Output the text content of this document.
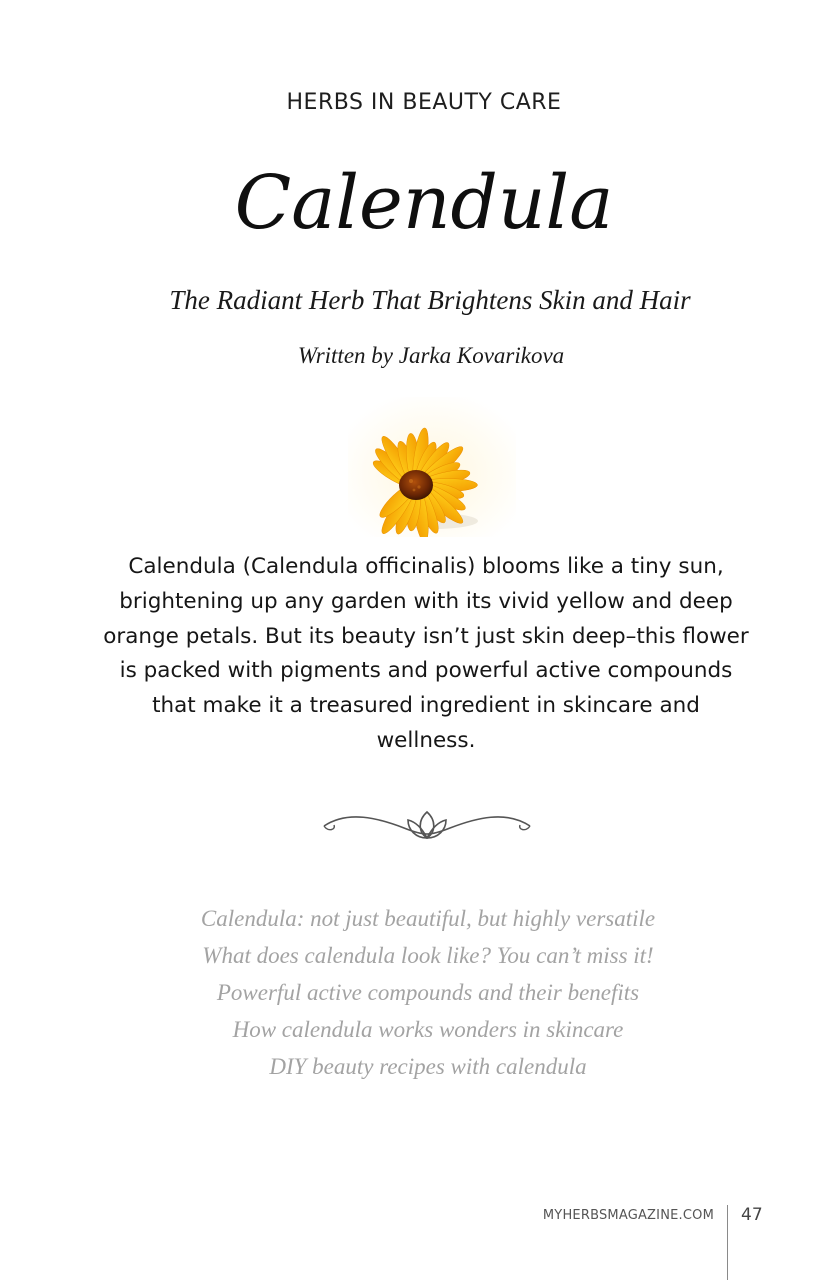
HERBS IN BEAUTY CARE
Calendula
The Radiant Herb That Brightens Skin and Hair
Written by Jarka Kovarikova
Calendula (Calendula officinalis) blooms like a tiny sun, brightening up any garden with its vivid yellow and deep orange petals. But its beauty isn’t just skin deep–this flower is packed with pigments and powerful active compounds that make it a treasured ingredient in skincare and wellness.
Calendula: not just beautiful, but highly versatile
What does calendula look like? You can’t miss it!
Powerful active compounds and their benefits
How calendula works wonders in skincare
DIY beauty recipes with calendula
MYHERBSMAGAZINE.COM 47
